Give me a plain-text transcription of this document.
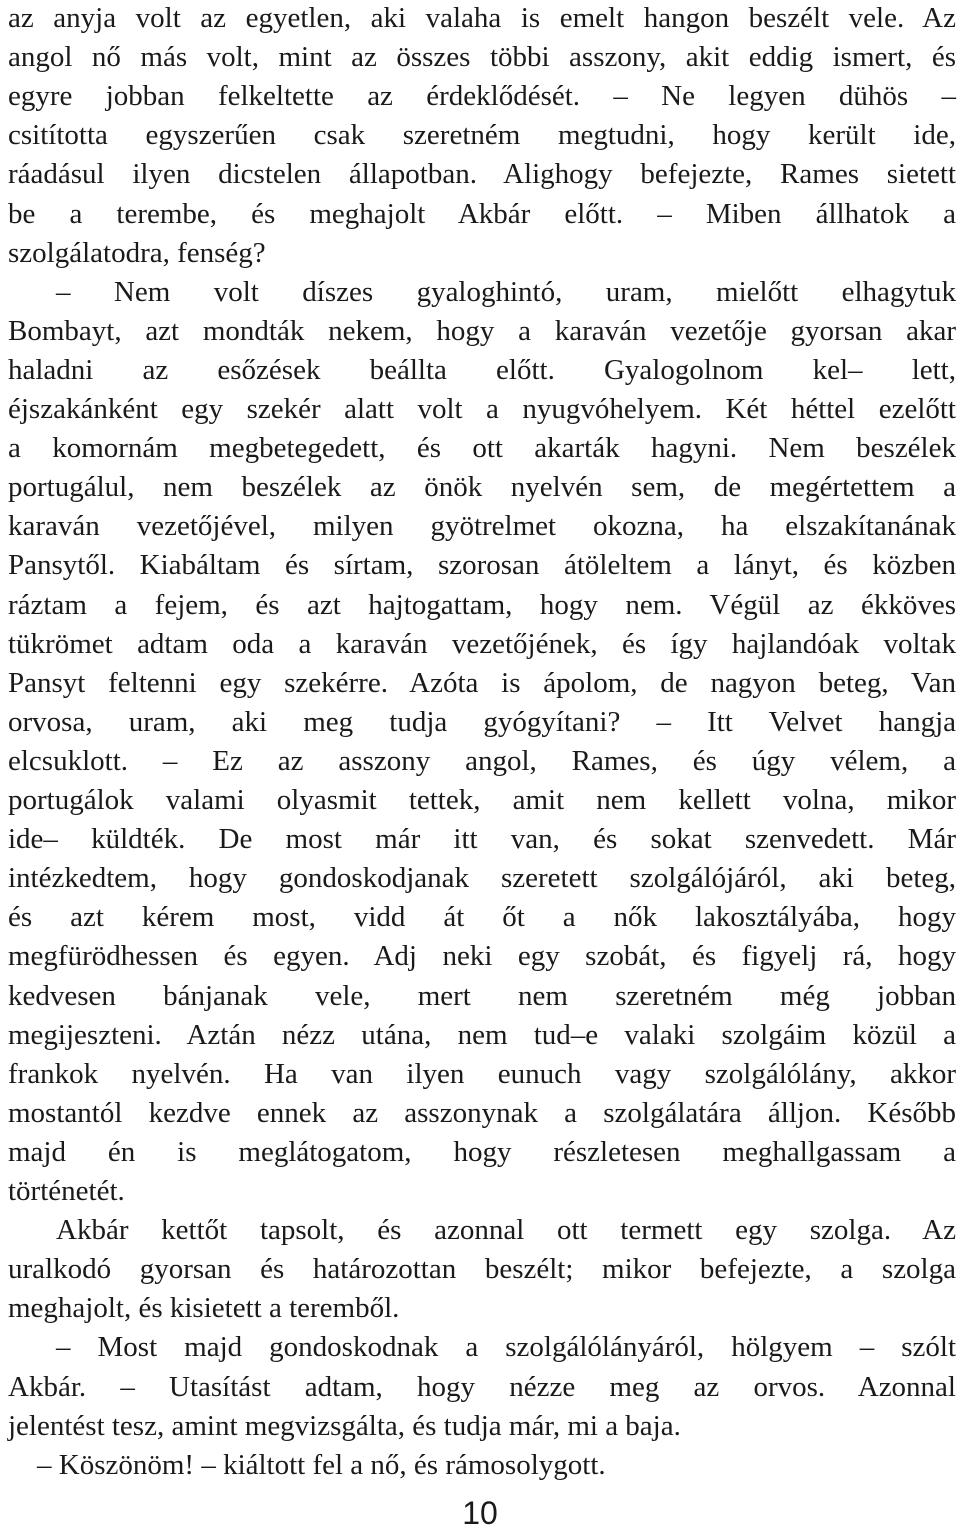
az anyja volt az egyetlen, aki valaha is emelt hangon beszélt vele. Az
angol nő más volt, mint az összes többi asszony, akit eddig ismert, és
egyre jobban felkeltette az érdeklődését. – Ne legyen dühös –
csitította egyszerűen csak szeretném megtudni, hogy került ide,
ráadásul ilyen dicstelen állapotban. Alighogy befejezte, Rames sietett
be a terembe, és meghajolt Akbár előtt. – Miben állhatok a
szolgálatodra, fenség?
– Nem volt díszes gyaloghintó, uram, mielőtt elhagytuk
Bombayt, azt mondták nekem, hogy a karaván vezetője gyorsan akar
haladni az esőzések beállta előtt. Gyalogolnom kel– lett,
éjszakánként egy szekér alatt volt a nyugvóhelyem. Két héttel ezelőtt
a komornám megbetegedett, és ott akarták hagyni. Nem beszélek
portugálul, nem beszélek az önök nyelvén sem, de megértettem a
karaván vezetőjével, milyen gyötrelmet okozna, ha elszakítanának
Pansytől. Kiabáltam és sírtam, szorosan átöleltem a lányt, és közben
ráztam a fejem, és azt hajtogattam, hogy nem. Végül az ékköves
tükrömet adtam oda a karaván vezetőjének, és így hajlandóak voltak
Pansyt feltenni egy szekérre. Azóta is ápolom, de nagyon beteg, Van
orvosa, uram, aki meg tudja gyógyítani? – Itt Velvet hangja
elcsuklott. – Ez az asszony angol, Rames, és úgy vélem, a
portugálok valami olyasmit tettek, amit nem kellett volna, mikor
ide– küldték. De most már itt van, és sokat szenvedett. Már
intézkedtem, hogy gondoskodjanak szeretett szolgálójáról, aki beteg,
és azt kérem most, vidd át őt a nők lakosztályába, hogy
megfürödhessen és egyen. Adj neki egy szobát, és figyelj rá, hogy
kedvesen bánjanak vele, mert nem szeretném még jobban
megijeszteni. Aztán nézz utána, nem tud–e valaki szolgáim közül a
frankok nyelvén. Ha van ilyen eunuch vagy szolgálólány, akkor
mostantól kezdve ennek az asszonynak a szolgálatára álljon. Később
majd én is meglátogatom, hogy részletesen meghallgassam a
történetét.
Akbár kettőt tapsolt, és azonnal ott termett egy szolga. Az
uralkodó gyorsan és határozottan beszélt; mikor befejezte, a szolga
meghajolt, és kisietett a teremből.
– Most majd gondoskodnak a szolgálólányáról, hölgyem – szólt
Akbár. – Utasítást adtam, hogy nézze meg az orvos. Azonnal
jelentést tesz, amint megvizsgálta, és tudja már, mi a baja.
– Köszönöm! – kiáltott fel a nő, és rámosolygott.
10
